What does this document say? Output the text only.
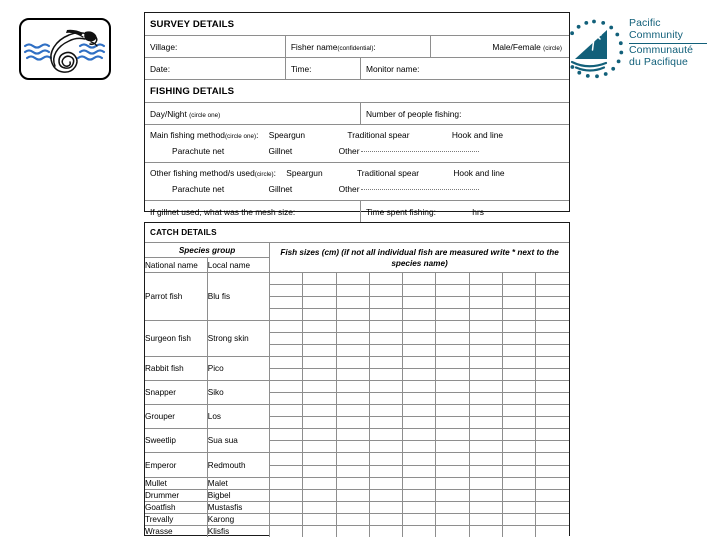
Pacific
Community
Communauté
du Pacifique
SURVEY DETAILS			
Village:	Fisher name(confidential):		Male/Female (circle)
Date:	Time:	Monitor name:	
FISHING DETAILS			
Day/Night (circle one)		Number of people fishing:	

Main fishing method(circle one): Speargun Traditional spear Hook and line
Parachute net Gillnet Other			

Other fishing method/s used(circle): Speargun Traditional spear Hook and line
Parachute net Gillnet Other			

If gillnet used, what was the mesh size:		Time spent fishing: hrs	
CATCH DETAILS										
Species group		Fish sizes (cm) (if not all individual fish are measured write * next to the species name)								
National name	Local name									
Parrot fish	Blu fis									

Surgeon fish	Strong skin									

Rabbit fish	Pico									

Snapper	Siko									

Grouper	Los									

Sweetlip	Sua sua									

Emperor	Redmouth									

Mullet	Malet									
Drummer	Bigbel									
Goatfish	Mustasfis									
Trevally	Karong									
Wrasse	Klisfis									
